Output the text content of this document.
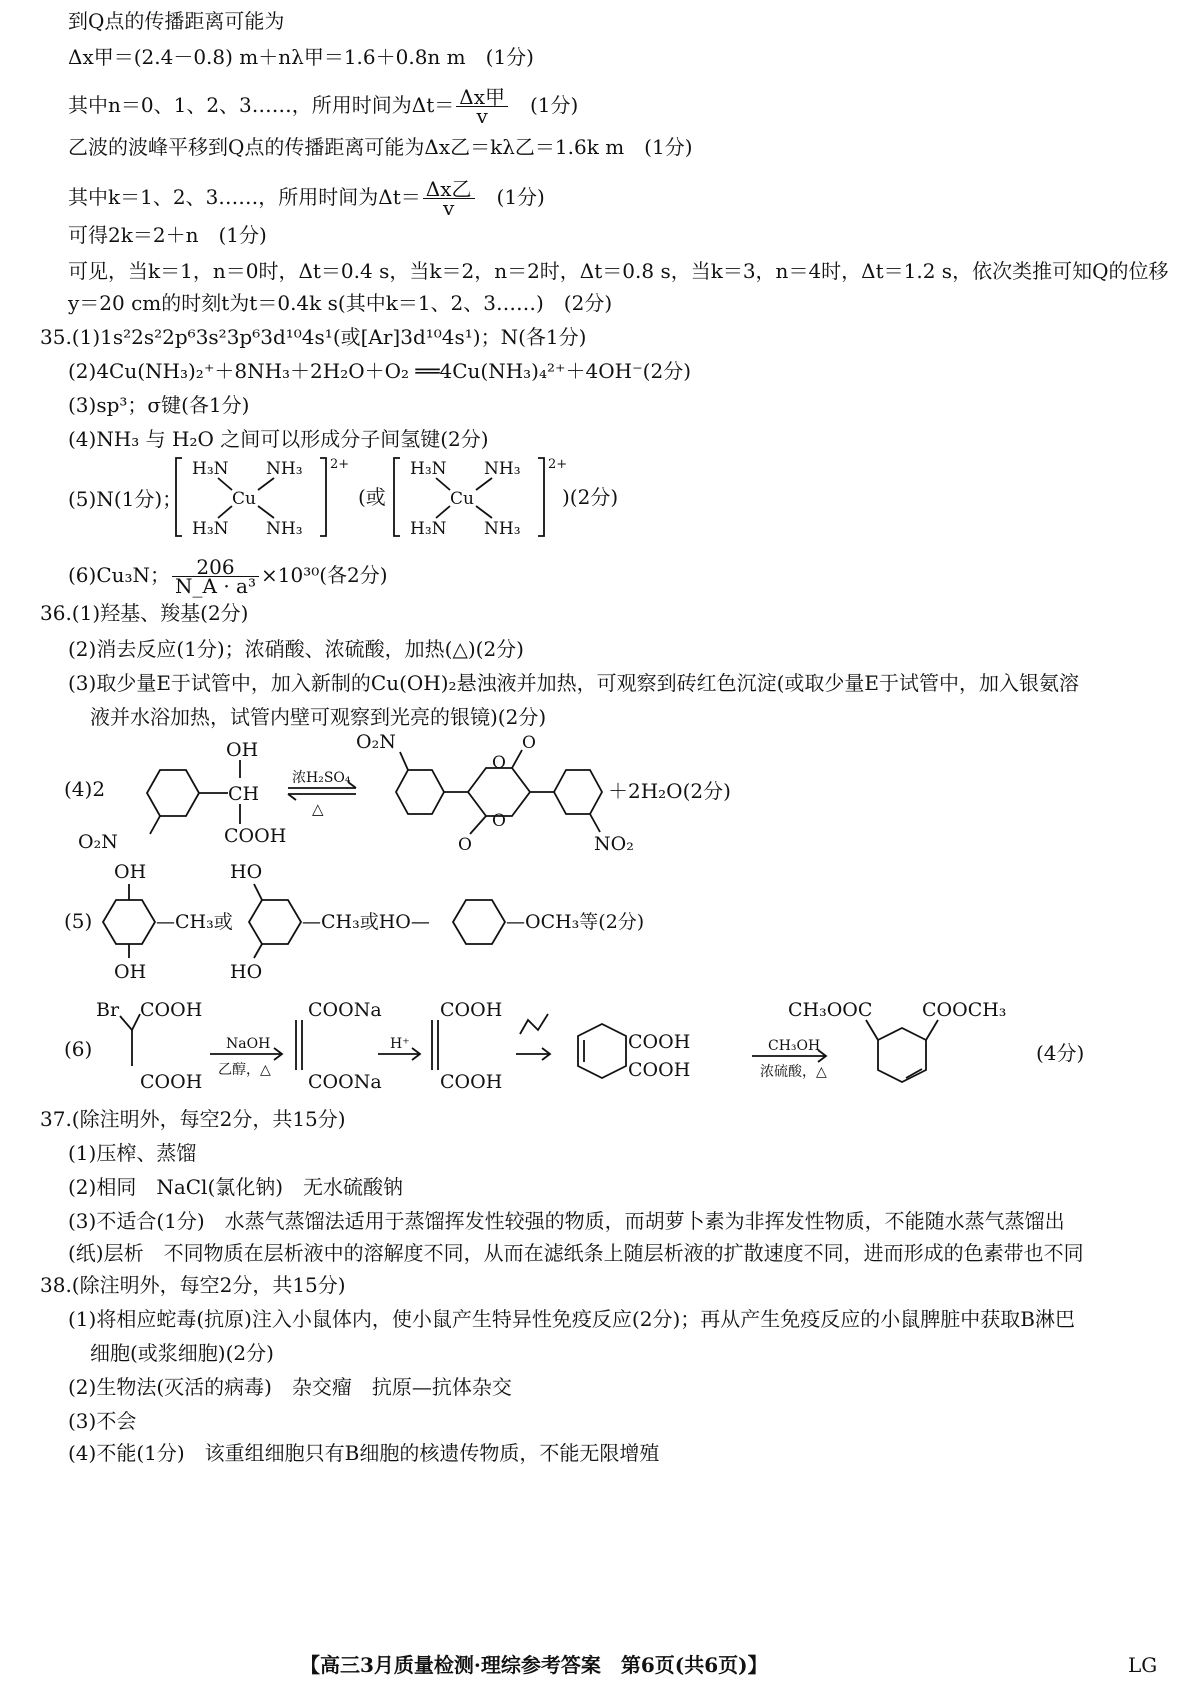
到Q点的传播距离可能为
Δx甲＝(2.4－0.8) m＋nλ甲＝1.6＋0.8n m　(1分)
其中n＝0、1、2、3……，所用时间为$\Delta t= \frac{\text{Δx甲}}{v}$
　 (1分)
乙波的波峰平移到Q点的传播距离可能为Δx乙＝kλ乙＝1.6k m　(1分)
其中k＝1、2、3……，所用时间为$\Delta t= \frac{\text{Δx乙}}{v}$
　 (1分)
可得2k＝2＋n　(1分)
可见，当k＝1，n＝0时，Δt＝0.4 s，当k＝2，n＝2时，Δt＝0.8 s，当k＝3，n＝4时，Δt＝1.2 s，依次类推可知Q的位移
y＝20 cm的时刻t为t＝0.4k s(其中k＝1、2、3……)　(2分)
35.(1)1s²2s²2p⁶3s²3p⁶3d¹⁰4s¹(或[Ar]3d¹⁰4s¹)；N(各1分)
(2)4Cu(NH₃)₂⁺＋8NH₃＋2H₂O＋O₂ ══4Cu(NH₃)₄²⁺＋4OH⁻(2分)
(3)sp³；σ键(各1分)
(4)NH₃ 与 H₂O 之间可以形成分子间氢键(2分)
(5)N(1分)；
H₃N NH₃
Cu
H₃N NH₃
2+
(或
H₃N NH₃
Cu
H₃N NH₃
2+
)(2分)
(6)Cu₃N； $\frac{206}{\text{N\_A · a³}} \times 10^{30}$(各2分)
36.(1)羟基、羧基(2分)
(2)消去反应(1分)；浓硝酸、浓硫酸，加热(△)(2分)
(3)取少量E于试管中，加入新制的Cu(OH)₂悬浊液并加热，可观察到砖红色沉淀(或取少量E于试管中，加入银氨溶
液并水浴加热，试管内壁可观察到光亮的银镜)(2分)
(4)2	CH
OH
COOH
O₂N
浓H₂SO₄
△
O₂N
O
O
O
O	NO₂
＋2H₂O(2分)
(5)
OH
OH
—CH₃或
HO
HO
—CH₃或HO—	—OCH₃等(2分)
(6)
Br COOH
COOH
NaOH
乙醇，△
COONa
COONa
H⁺
COOH
COOH
COOH
COOH
CH₃OH
浓硫酸，△
CH₃OOC	COOCH₃
(4分)
37.(除注明外，每空2分，共15分)
(1)压榨、蒸馏
(2)相同　NaCl(氯化钠)　无水硫酸钠
(3)不适合(1分)　水蒸气蒸馏法适用于蒸馏挥发性较强的物质，而胡萝卜素为非挥发性物质，不能随水蒸气蒸馏出
(纸)层析　不同物质在层析液中的溶解度不同，从而在滤纸条上随层析液的扩散速度不同，进而形成的色素带也不同
38.(除注明外，每空2分，共15分)
(1)将相应蛇毒(抗原)注入小鼠体内，使小鼠产生特异性免疫反应(2分)；再从产生免疫反应的小鼠脾脏中获取B淋巴
细胞(或浆细胞)(2分)
(2)生物法(灭活的病毒)　杂交瘤　抗原—抗体杂交
(3)不会
(4)不能(1分)　该重组细胞只有B细胞的核遗传物质，不能无限增殖
【高三3月质量检测·理综参考答案　第6页(共6页)】	LG
